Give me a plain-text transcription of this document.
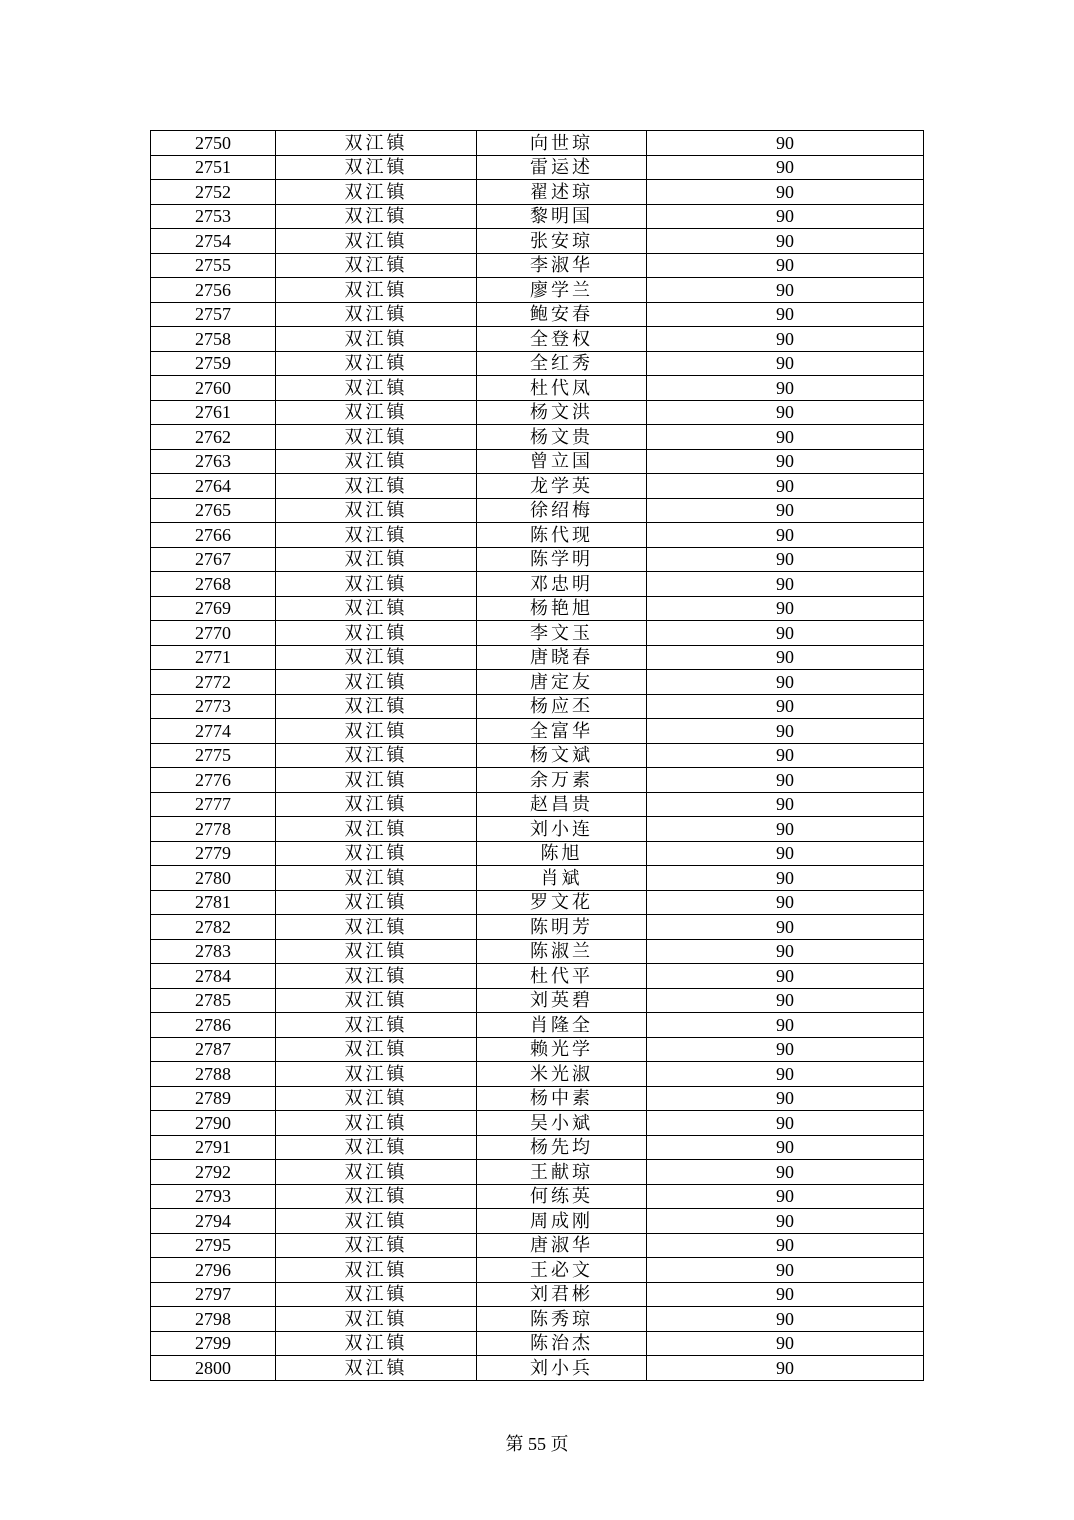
2750	双江镇	向世琼	90
2751	双江镇	雷运述	90
2752	双江镇	翟述琼	90
2753	双江镇	黎明国	90
2754	双江镇	张安琼	90
2755	双江镇	李淑华	90
2756	双江镇	廖学兰	90
2757	双江镇	鲍安春	90
2758	双江镇	全登权	90
2759	双江镇	全红秀	90
2760	双江镇	杜代凤	90
2761	双江镇	杨文洪	90
2762	双江镇	杨文贵	90
2763	双江镇	曾立国	90
2764	双江镇	龙学英	90
2765	双江镇	徐绍梅	90
2766	双江镇	陈代现	90
2767	双江镇	陈学明	90
2768	双江镇	邓忠明	90
2769	双江镇	杨艳旭	90
2770	双江镇	李文玉	90
2771	双江镇	唐晓春	90
2772	双江镇	唐定友	90
2773	双江镇	杨应丕	90
2774	双江镇	全富华	90
2775	双江镇	杨文斌	90
2776	双江镇	余万素	90
2777	双江镇	赵昌贵	90
2778	双江镇	刘小连	90
2779	双江镇	陈旭	90
2780	双江镇	肖斌	90
2781	双江镇	罗文花	90
2782	双江镇	陈明芳	90
2783	双江镇	陈淑兰	90
2784	双江镇	杜代平	90
2785	双江镇	刘英碧	90
2786	双江镇	肖隆全	90
2787	双江镇	赖光学	90
2788	双江镇	米光淑	90
2789	双江镇	杨中素	90
2790	双江镇	吴小斌	90
2791	双江镇	杨先均	90
2792	双江镇	王献琼	90
2793	双江镇	何练英	90
2794	双江镇	周成刚	90
2795	双江镇	唐淑华	90
2796	双江镇	王必文	90
2797	双江镇	刘君彬	90
2798	双江镇	陈秀琼	90
2799	双江镇	陈治杰	90
2800	双江镇	刘小兵	90
第 55 页
